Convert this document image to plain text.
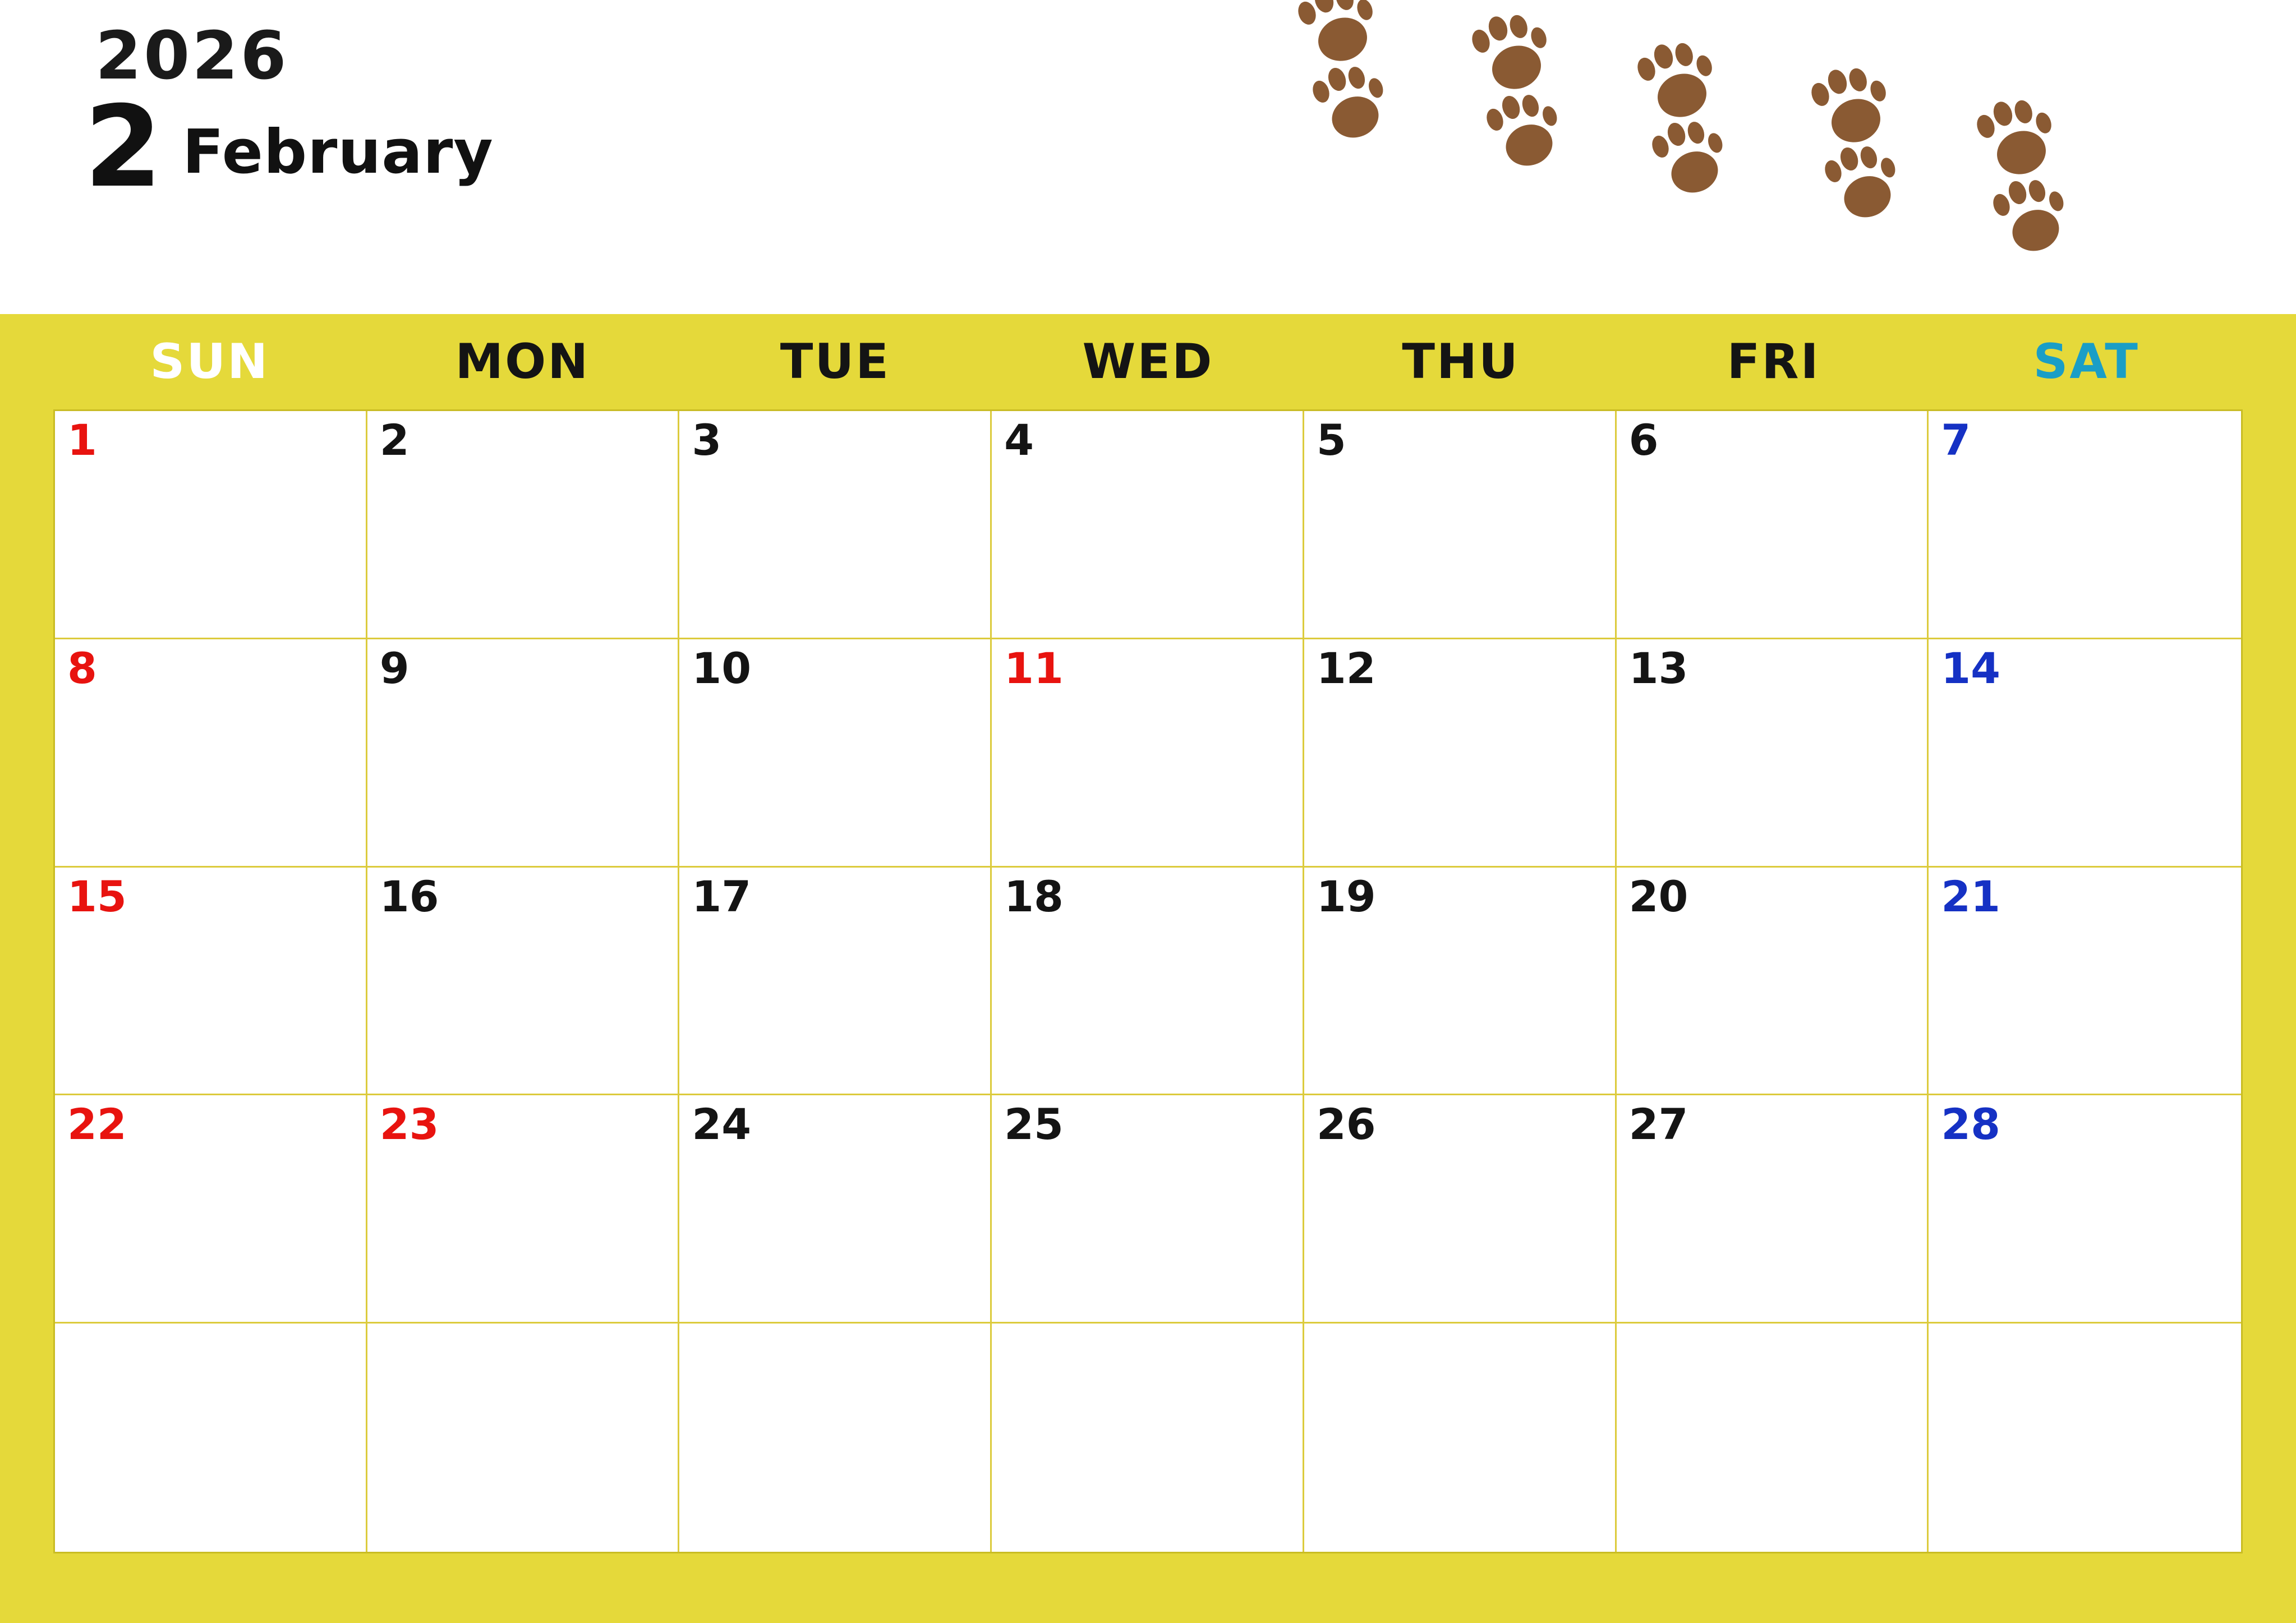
2026
2 February
SUN	MON	TUE	WED	THU	FRI	SAT
1	2	3	4	5	6	7
8	9	10	11	12	13	14
15	16	17	18	19	20	21
22	23	24	25	26	27	28
